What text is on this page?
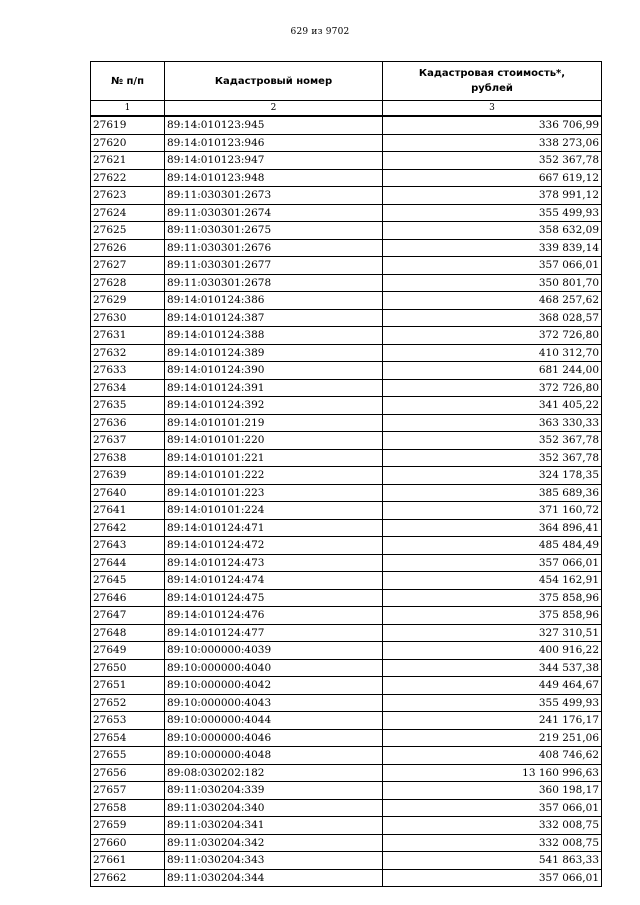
629 из 9702
№ п/п	Кадастровый номер	Кадастровая стоимость*,
рублей

1	2	3
27619	89:14:010123:945	336 706,99
27620	89:14:010123:946	338 273,06
27621	89:14:010123:947	352 367,78
27622	89:14:010123:948	667 619,12
27623	89:11:030301:2673	378 991,12
27624	89:11:030301:2674	355 499,93
27625	89:11:030301:2675	358 632,09
27626	89:11:030301:2676	339 839,14
27627	89:11:030301:2677	357 066,01
27628	89:11:030301:2678	350 801,70
27629	89:14:010124:386	468 257,62
27630	89:14:010124:387	368 028,57
27631	89:14:010124:388	372 726,80
27632	89:14:010124:389	410 312,70
27633	89:14:010124:390	681 244,00
27634	89:14:010124:391	372 726,80
27635	89:14:010124:392	341 405,22
27636	89:14:010101:219	363 330,33
27637	89:14:010101:220	352 367,78
27638	89:14:010101:221	352 367,78
27639	89:14:010101:222	324 178,35
27640	89:14:010101:223	385 689,36
27641	89:14:010101:224	371 160,72
27642	89:14:010124:471	364 896,41
27643	89:14:010124:472	485 484,49
27644	89:14:010124:473	357 066,01
27645	89:14:010124:474	454 162,91
27646	89:14:010124:475	375 858,96
27647	89:14:010124:476	375 858,96
27648	89:14:010124:477	327 310,51
27649	89:10:000000:4039	400 916,22
27650	89:10:000000:4040	344 537,38
27651	89:10:000000:4042	449 464,67
27652	89:10:000000:4043	355 499,93
27653	89:10:000000:4044	241 176,17
27654	89:10:000000:4046	219 251,06
27655	89:10:000000:4048	408 746,62
27656	89:08:030202:182	13 160 996,63
27657	89:11:030204:339	360 198,17
27658	89:11:030204:340	357 066,01
27659	89:11:030204:341	332 008,75
27660	89:11:030204:342	332 008,75
27661	89:11:030204:343	541 863,33
27662	89:11:030204:344	357 066,01
